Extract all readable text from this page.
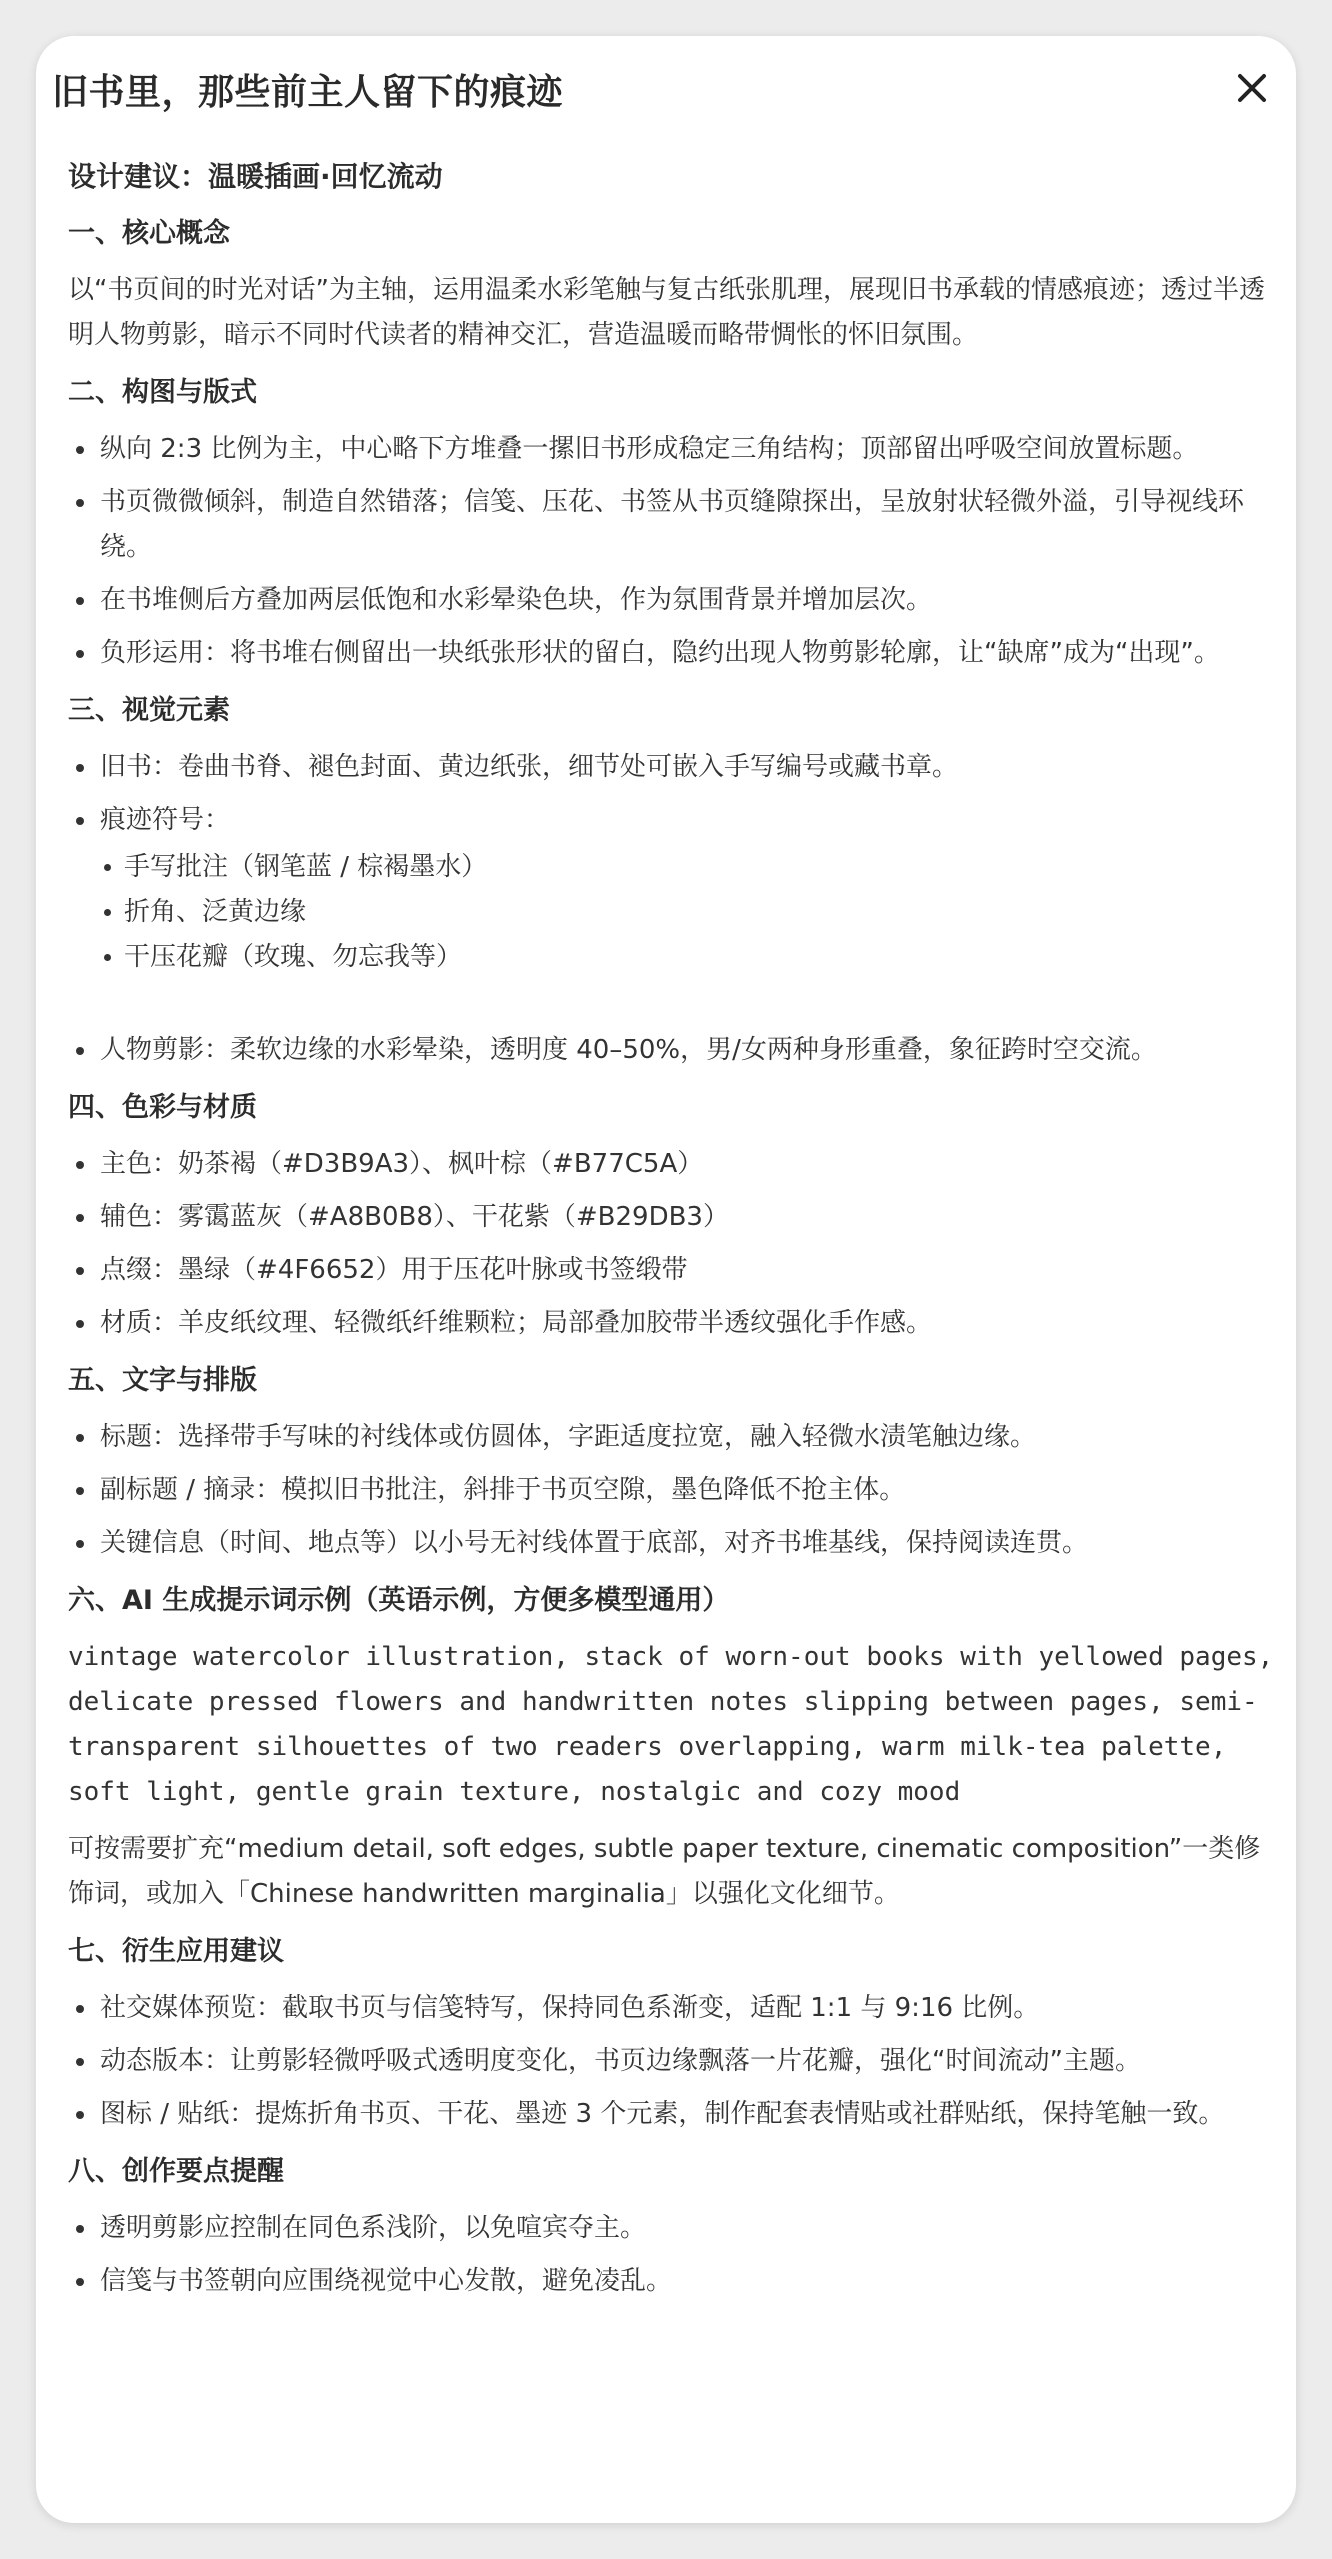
旧书里，那些前主人留下的痕迹
设计建议：温暖插画·回忆流动
一、核心概念

以“书页间的时光对话”为主轴，运用温柔水彩笔触与复古纸张肌理，展现旧书承载的情感痕迹；透过半透明人物剪影，暗示不同时代读者的精神交汇，营造温暖而略带惆怅的怀旧氛围。

二、构图与版式
纵向 2:3 比例为主，中心略下方堆叠一摞旧书形成稳定三角结构；顶部留出呼吸空间放置标题。
书页微微倾斜，制造自然错落；信笺、压花、书签从书页缝隙探出，呈放射状轻微外溢，引导视线环绕。
在书堆侧后方叠加两层低饱和水彩晕染色块，作为氛围背景并增加层次。
负形运用：将书堆右侧留出一块纸张形状的留白，隐约出现人物剪影轮廓，让“缺席”成为“出现”。
三、视觉元素
旧书：卷曲书脊、褪色封面、黄边纸张，细节处可嵌入手写编号或藏书章。
痕迹符号：
手写批注（钢笔蓝 / 棕褐墨水）
折角、泛黄边缘
干压花瓣（玫瑰、勿忘我等）
人物剪影：柔软边缘的水彩晕染，透明度 40–50%，男/女两种身形重叠，象征跨时空交流。
四、色彩与材质
主色：奶茶褐（#D3B9A3）、枫叶棕（#B77C5A）
辅色：雾霭蓝灰（#A8B0B8）、干花紫（#B29DB3）
点缀：墨绿（#4F6652）用于压花叶脉或书签缎带
材质：羊皮纸纹理、轻微纸纤维颗粒；局部叠加胶带半透纹强化手作感。
五、文字与排版
标题：选择带手写味的衬线体或仿圆体，字距适度拉宽，融入轻微水渍笔触边缘。
副标题 / 摘录：模拟旧书批注，斜排于书页空隙，墨色降低不抢主体。
关键信息（时间、地点等）以小号无衬线体置于底部，对齐书堆基线，保持阅读连贯。
六、AI 生成提示词示例（英语示例，方便多模型通用）
vintage watercolor illustration, stack of worn-out books with yellowed pages, delicate pressed flowers and handwritten notes slipping between pages, semi-transparent silhouettes of two readers overlapping, warm milk-tea palette, soft light, gentle grain texture, nostalgic and cozy mood

可按需要扩充“medium detail, soft edges, subtle paper texture, cinematic composition”一类修饰词，或加入「Chinese handwritten marginalia」以强化文化细节。

七、衍生应用建议
社交媒体预览：截取书页与信笺特写，保持同色系渐变，适配 1:1 与 9:16 比例。
动态版本：让剪影轻微呼吸式透明度变化，书页边缘飘落一片花瓣，强化“时间流动”主题。
图标 / 贴纸：提炼折角书页、干花、墨迹 3 个元素，制作配套表情贴或社群贴纸，保持笔触一致。
八、创作要点提醒
透明剪影应控制在同色系浅阶，以免喧宾夺主。
信笺与书签朝向应围绕视觉中心发散，避免凌乱。
